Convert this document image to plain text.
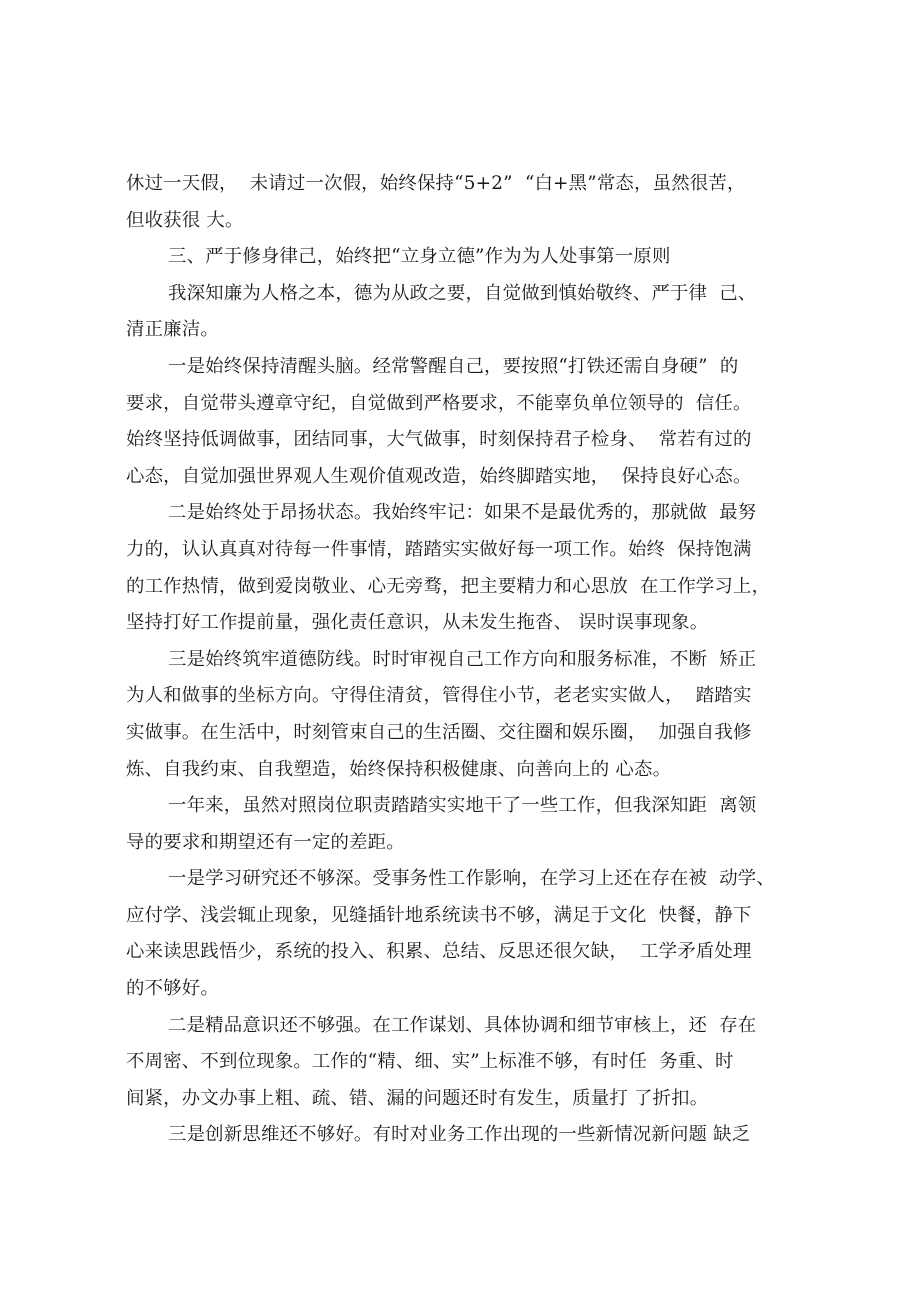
休过一天假，  未请过一次假，始终保持“5+2”  “白+黑”常态，虽然很苦，
但收获很 大。
三、严于修身律己，始终把“立身立德”作为为人处事第一原则
我深知廉为人格之本，德为从政之要，自觉做到慎始敬终、严于律  己、
清正廉洁。
一是始终保持清醒头脑。经常警醒自己，要按照“打铁还需自身硬”  的
要求，自觉带头遵章守纪，自觉做到严格要求，不能辜负单位领导的  信任。
始终坚持低调做事，团结同事，大气做事，时刻保持君子检身、  常若有过的
心态，自觉加强世界观人生观价值观改造，始终脚踏实地，  保持良好心态。
二是始终处于昂扬状态。我始终牢记：如果不是最优秀的，那就做  最努
力的，认认真真对待每一件事情，踏踏实实做好每一项工作。始终  保持饱满
的工作热情，做到爱岗敬业、心无旁骛，把主要精力和心思放  在工作学习上，
坚持打好工作提前量，强化责任意识，从未发生拖沓、 误时误事现象。
三是始终筑牢道德防线。时时审视自己工作方向和服务标准，不断  矫正
为人和做事的坐标方向。守得住清贫，管得住小节，老老实实做人，  踏踏实
实做事。在生活中，时刻管束自己的生活圈、交往圈和娱乐圈，  加强自我修
炼、自我约束、自我塑造，始终保持积极健康、向善向上的 心态。
一年来，虽然对照岗位职责踏踏实实地干了一些工作，但我深知距  离领
导的要求和期望还有一定的差距。
一是学习研究还不够深。受事务性工作影响，在学习上还在存在被  动学、
应付学、浅尝辄止现象，见缝插针地系统读书不够，满足于文化  快餐，静下
心来读思践悟少，系统的投入、积累、总结、反思还很欠缺，  工学矛盾处理
的不够好。
二是精品意识还不够强。在工作谋划、具体协调和细节审核上，还  存在
不周密、不到位现象。工作的“精、细、实”上标准不够，有时任  务重、时
间紧，办文办事上粗、疏、错、漏的问题还时有发生，质量打 了折扣。
三是创新思维还不够好。有时对业务工作出现的一些新情况新问题 缺乏
